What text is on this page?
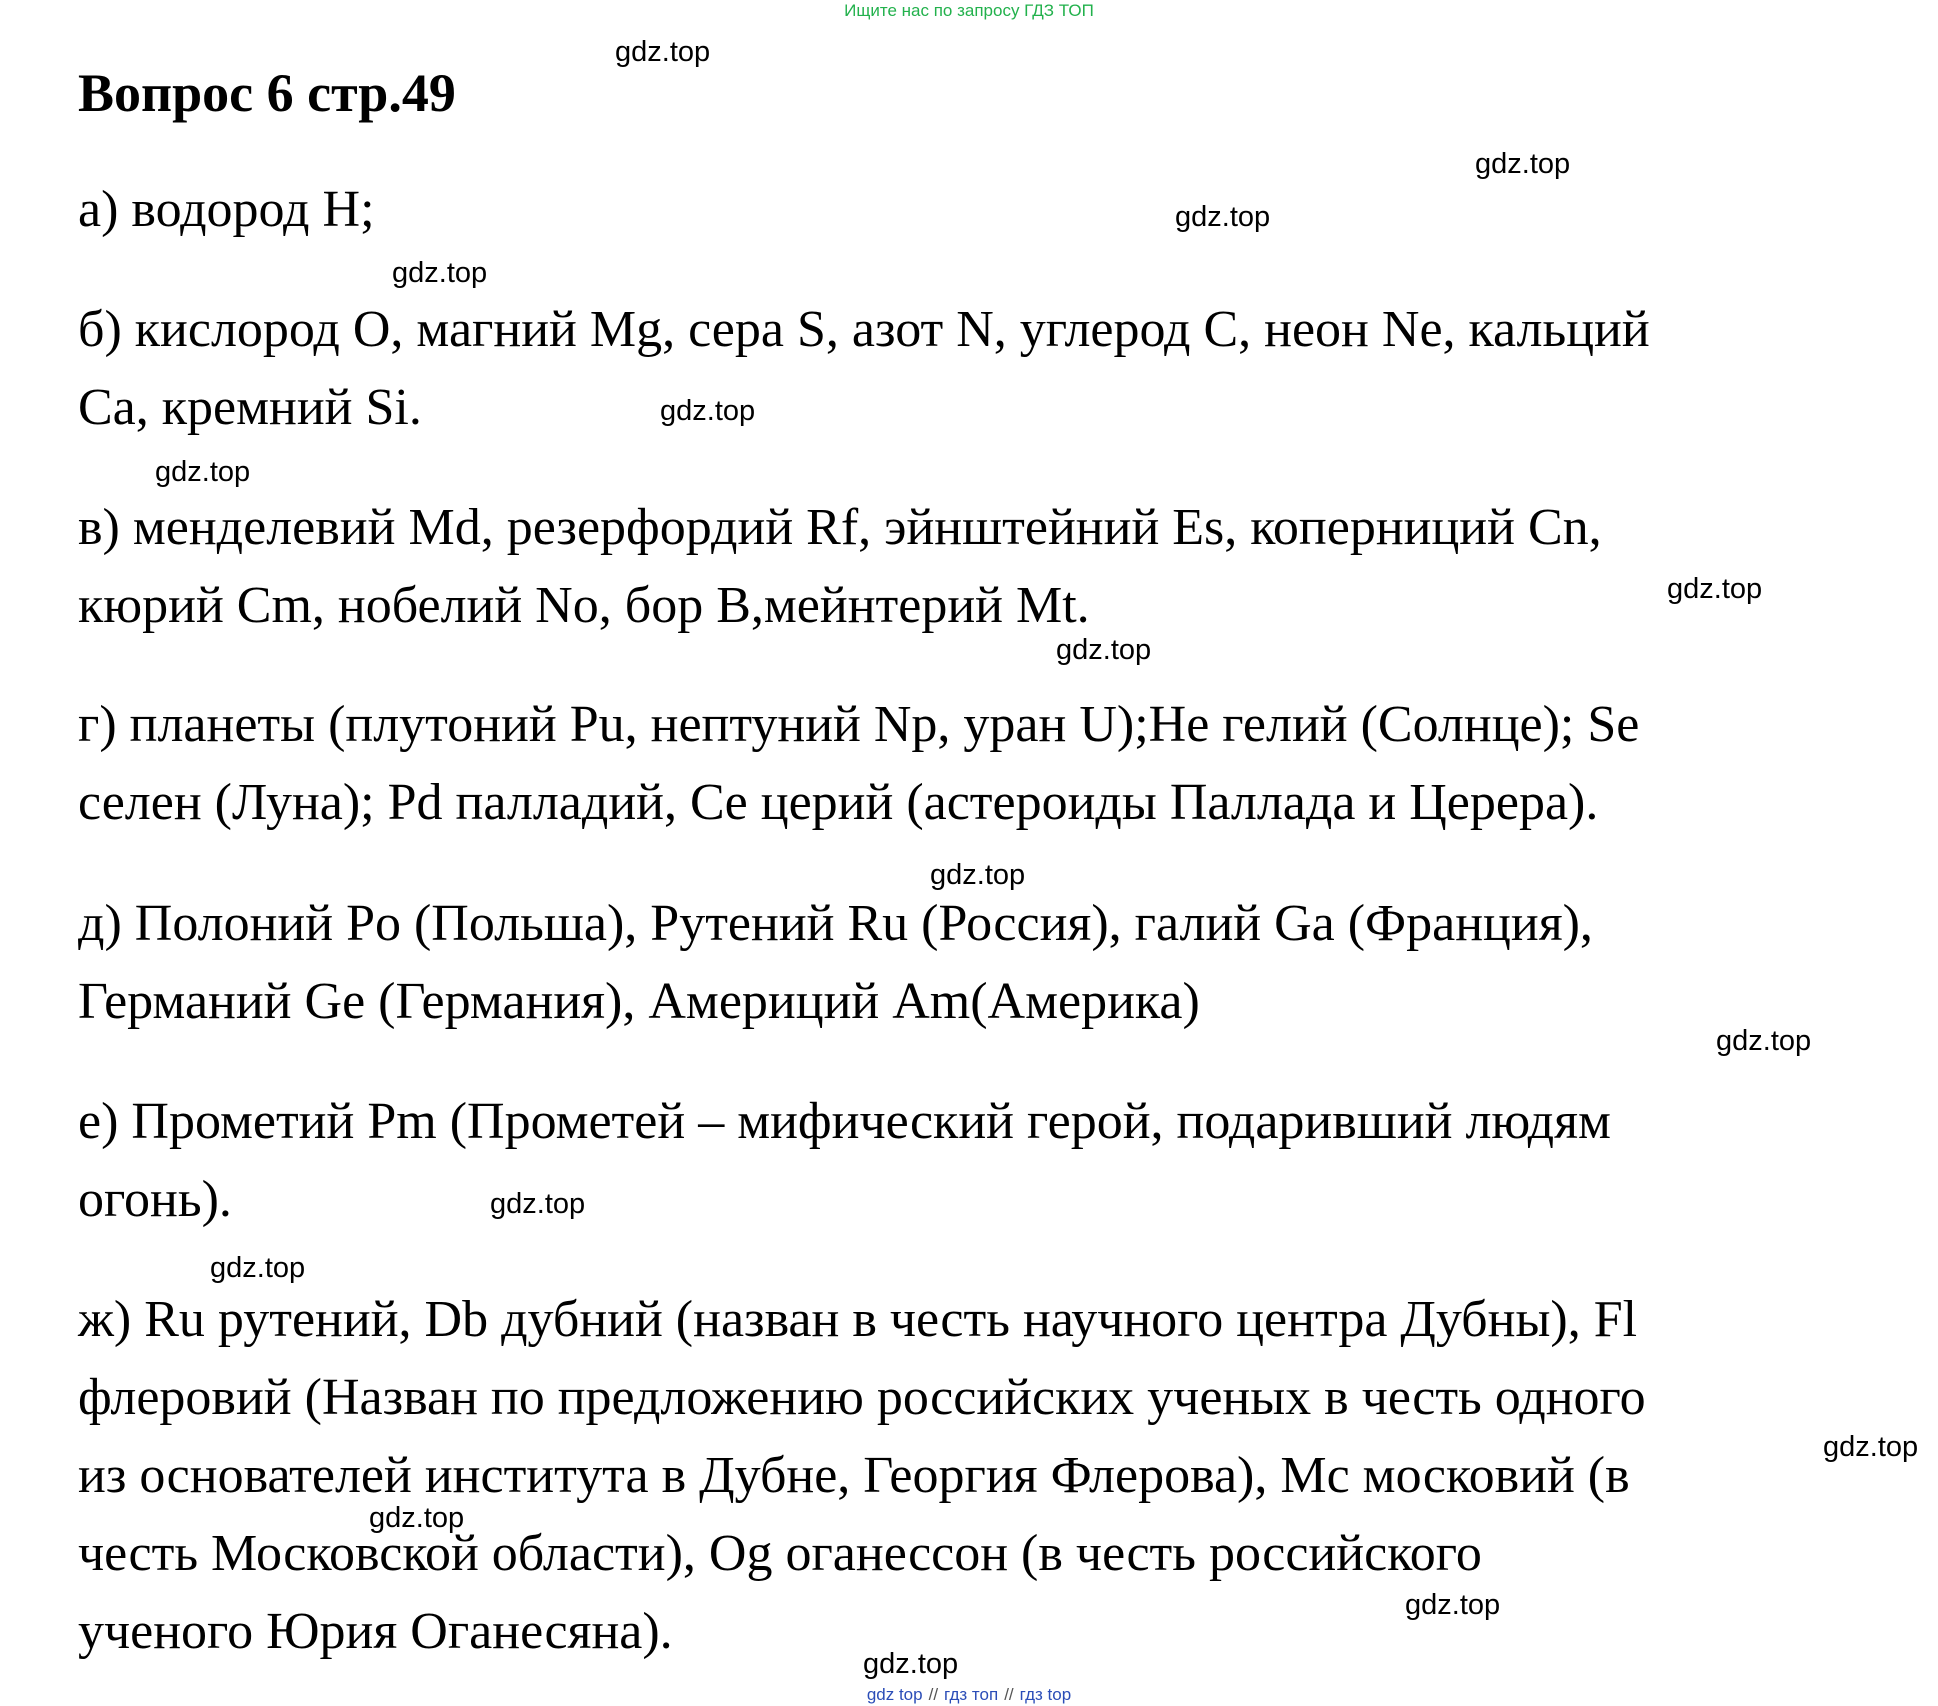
Ищите нас по запросу ГДЗ ТОП
Вопрос 6 стр.49
а) водород H;
б) кислород O, магний Mg, сера S, азот N, углерод C, неон Ne, кальций
Ca, кремний Si.
в) менделевий Md, резерфордий Rf, эйнштейний Es, коперниций Cn,
кюрий Cm, нобелий No, бор B,мейнтерий Mt.
г) планеты (плутоний Pu, нептуний Np, уран U);He гелий (Солнце); Se
селен (Луна); Pd палладий, Ce церий (астероиды Паллада и Церера).
д) Полоний Po (Польша), Рутений Ru (Россия), галий Ga (Франция),
Германий Ge (Германия), Америций Am(Америка)
е) Прометий Pm (Прометей – мифический герой, подаривший людям
огонь).
ж) Ru рутений, Db дубний (назван в честь научного центра Дубны), Fl
флеровий (Назван по предложению российских ученых в честь одного
из основателей института в Дубне, Георгия Флерова), Mc московий (в
честь Московской области), Og оганессон (в честь российского
ученого Юрия Оганесяна).
gdz.top
gdz.top
gdz.top
gdz.top
gdz.top
gdz.top
gdz.top
gdz.top
gdz.top
gdz.top
gdz.top
gdz.top
gdz.top
gdz.top
gdz.top
gdz.top
gdz top // гдз топ // гдз top
